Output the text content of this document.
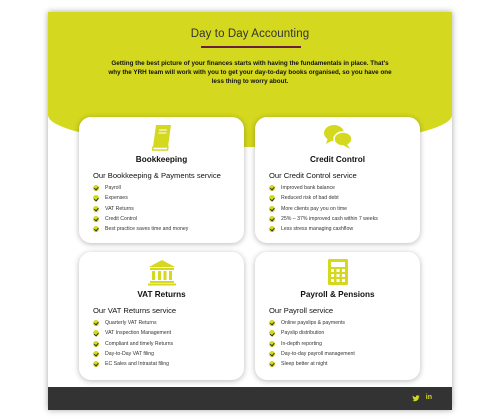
Day to Day Accounting

Getting the best picture of your finances starts with having the fundamentals in place. That's why the YRH team will work with you to get your day-to-day books organised, so you have one less thing to worry about.

Bookkeeping
Our Bookkeeping & Payments service
Payroll
Expenses
VAT Returns
Credit Control
Best practice saves time and money
Credit Control
Our Credit Control service
Improved bank balance
Reduced risk of bad debt
More clients pay you on time
25% – 37% improved cash within 7 weeks
Less stress managing cashflow
VAT Returns
Our VAT Returns service
Quarterly VAT Returns
VAT Inspection Management
Compliant and timely Returns
Day-to-Day VAT filing
EC Sales and Intrastat filing
Payroll & Pensions
Our Payroll service
Online payslips & payments
Payslip distribution
In-depth reporting
Day-to-day payroll management
Sleep better at night
in
